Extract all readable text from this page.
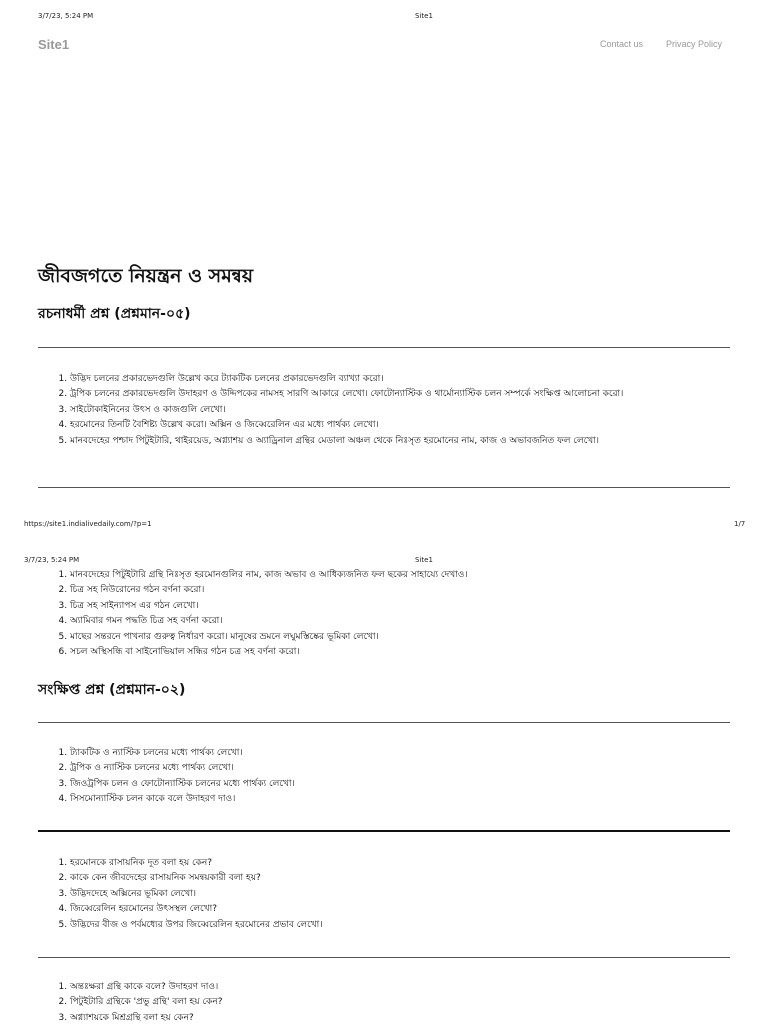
3/7/23, 5:24 PM	Site1
Site1	Contact us	Privacy Policy
জীবজগতে নিয়ন্ত্রন ও সমন্বয়
রচনাধর্মী প্রশ্ন (প্রশ্নমান-০৫)
1. উদ্ভিদ চলনের প্রকারভেদগুলি উল্লেখ করে ট্যাকটিক চলনের প্রকারভেদগুলি ব্যাখ্যা করো।
2. ট্রপিক চলনের প্রকারভেদগুলি উদাহরণ ও উদ্দিপকের নামসহ সারণি আকারে লেখো। ফোটোন্যাস্টিক ও থার্মোন্যাস্টিক চলন সম্পর্কে সংক্ষিপ্ত আলোচনা করো।
3. সাইটোকাইনিনের উৎস ও কাজগুলি লেখো।
4. হরমোনের তিনটি বৈশিষ্ট্য উল্লেখ করো। অক্সিন ও জিব্বেরেলিন এর মধ্যে পার্থক্য লেখো।
5. মানবদেহের পশ্চাদ পিটুইটারি, থাইরয়েড, অগ্ন্যাশয় ও অ্যাড্রিনাল গ্রন্থির মেডালা অঞ্চল থেকে নিঃসৃত হরমোনের নাম, কাজ ও অভাবজনিত ফল লেখো।
https://site1.indialivedaily.com/?p=1	1/7
3/7/23, 5:24 PM	Site1
1. মানবদেহের পিটুইটারি গ্রন্থি নিঃসৃত হরমোনগুলির নাম, কাজ অভাব ও আধিক্যজনিত ফল ছকের সাহায্যে দেখাও।
2. চিত্র সহ নিউরোনের গঠন বর্ণনা করো।
3. চিত্র সহ সাইন্যাপস এর গঠন লেখো।
4. অ্যামিবার গমন পদ্ধতি চিত্র সহ বর্ণনা করো।
5. মাছের সন্তরনে পাখনার গুরুত্ব নির্ধারণ করো। মানুষের ভ্রমনে লঘুমস্তিষ্কের ভূমিকা লেখো।
6. সচল অস্থিসন্ধি বা সাইনোভিয়াল সন্ধির গঠন চত্র সহ বর্ণনা করো।
সংক্ষিপ্ত প্রশ্ন (প্রশ্নমান-০২)
1. ট্যাকটিক ও ন্যাস্টিক চলনের মধ্যে পার্থক্য লেখো।
2. ট্রপিক ও ন্যাস্টিক চলনের মধ্যে পার্থক্য লেখো।
3. জিওট্রপিক চলন ও ফোটোন্যাস্টিক চলনের মধ্যে পার্থক্য লেখো।
4. সিসমোন্যাস্টিক চলন কাকে বলে উদাহরণ দাও।
1. হরমোনকে রাসায়নিক দূত বলা হয় কেন?
2. কাকে কেন জীবদেহের রাসায়নিক সমন্বয়কারী বলা হয়?
3. উদ্ভিদদেহে অক্সিনের ভূমিকা লেখো।
4. জিব্বেরেলিন হরমোনের উৎসস্থল লেখো?
5. উদ্ভিদের বীজ ও পর্বমধ্যের উপর জিব্বেরেলিন হরমোনের প্রভাব লেখো।
1. অন্তঃক্ষরা গ্রন্থি কাকে বলে? উদাহরণ দাও।
2. পিটুইটারি গ্রন্থিকে 'প্রভু গ্রন্থি' বলা হয় কেন?
3. অগ্ন্যাশয়কে মিশ্রগ্রন্থি বলা হয় কেন?
